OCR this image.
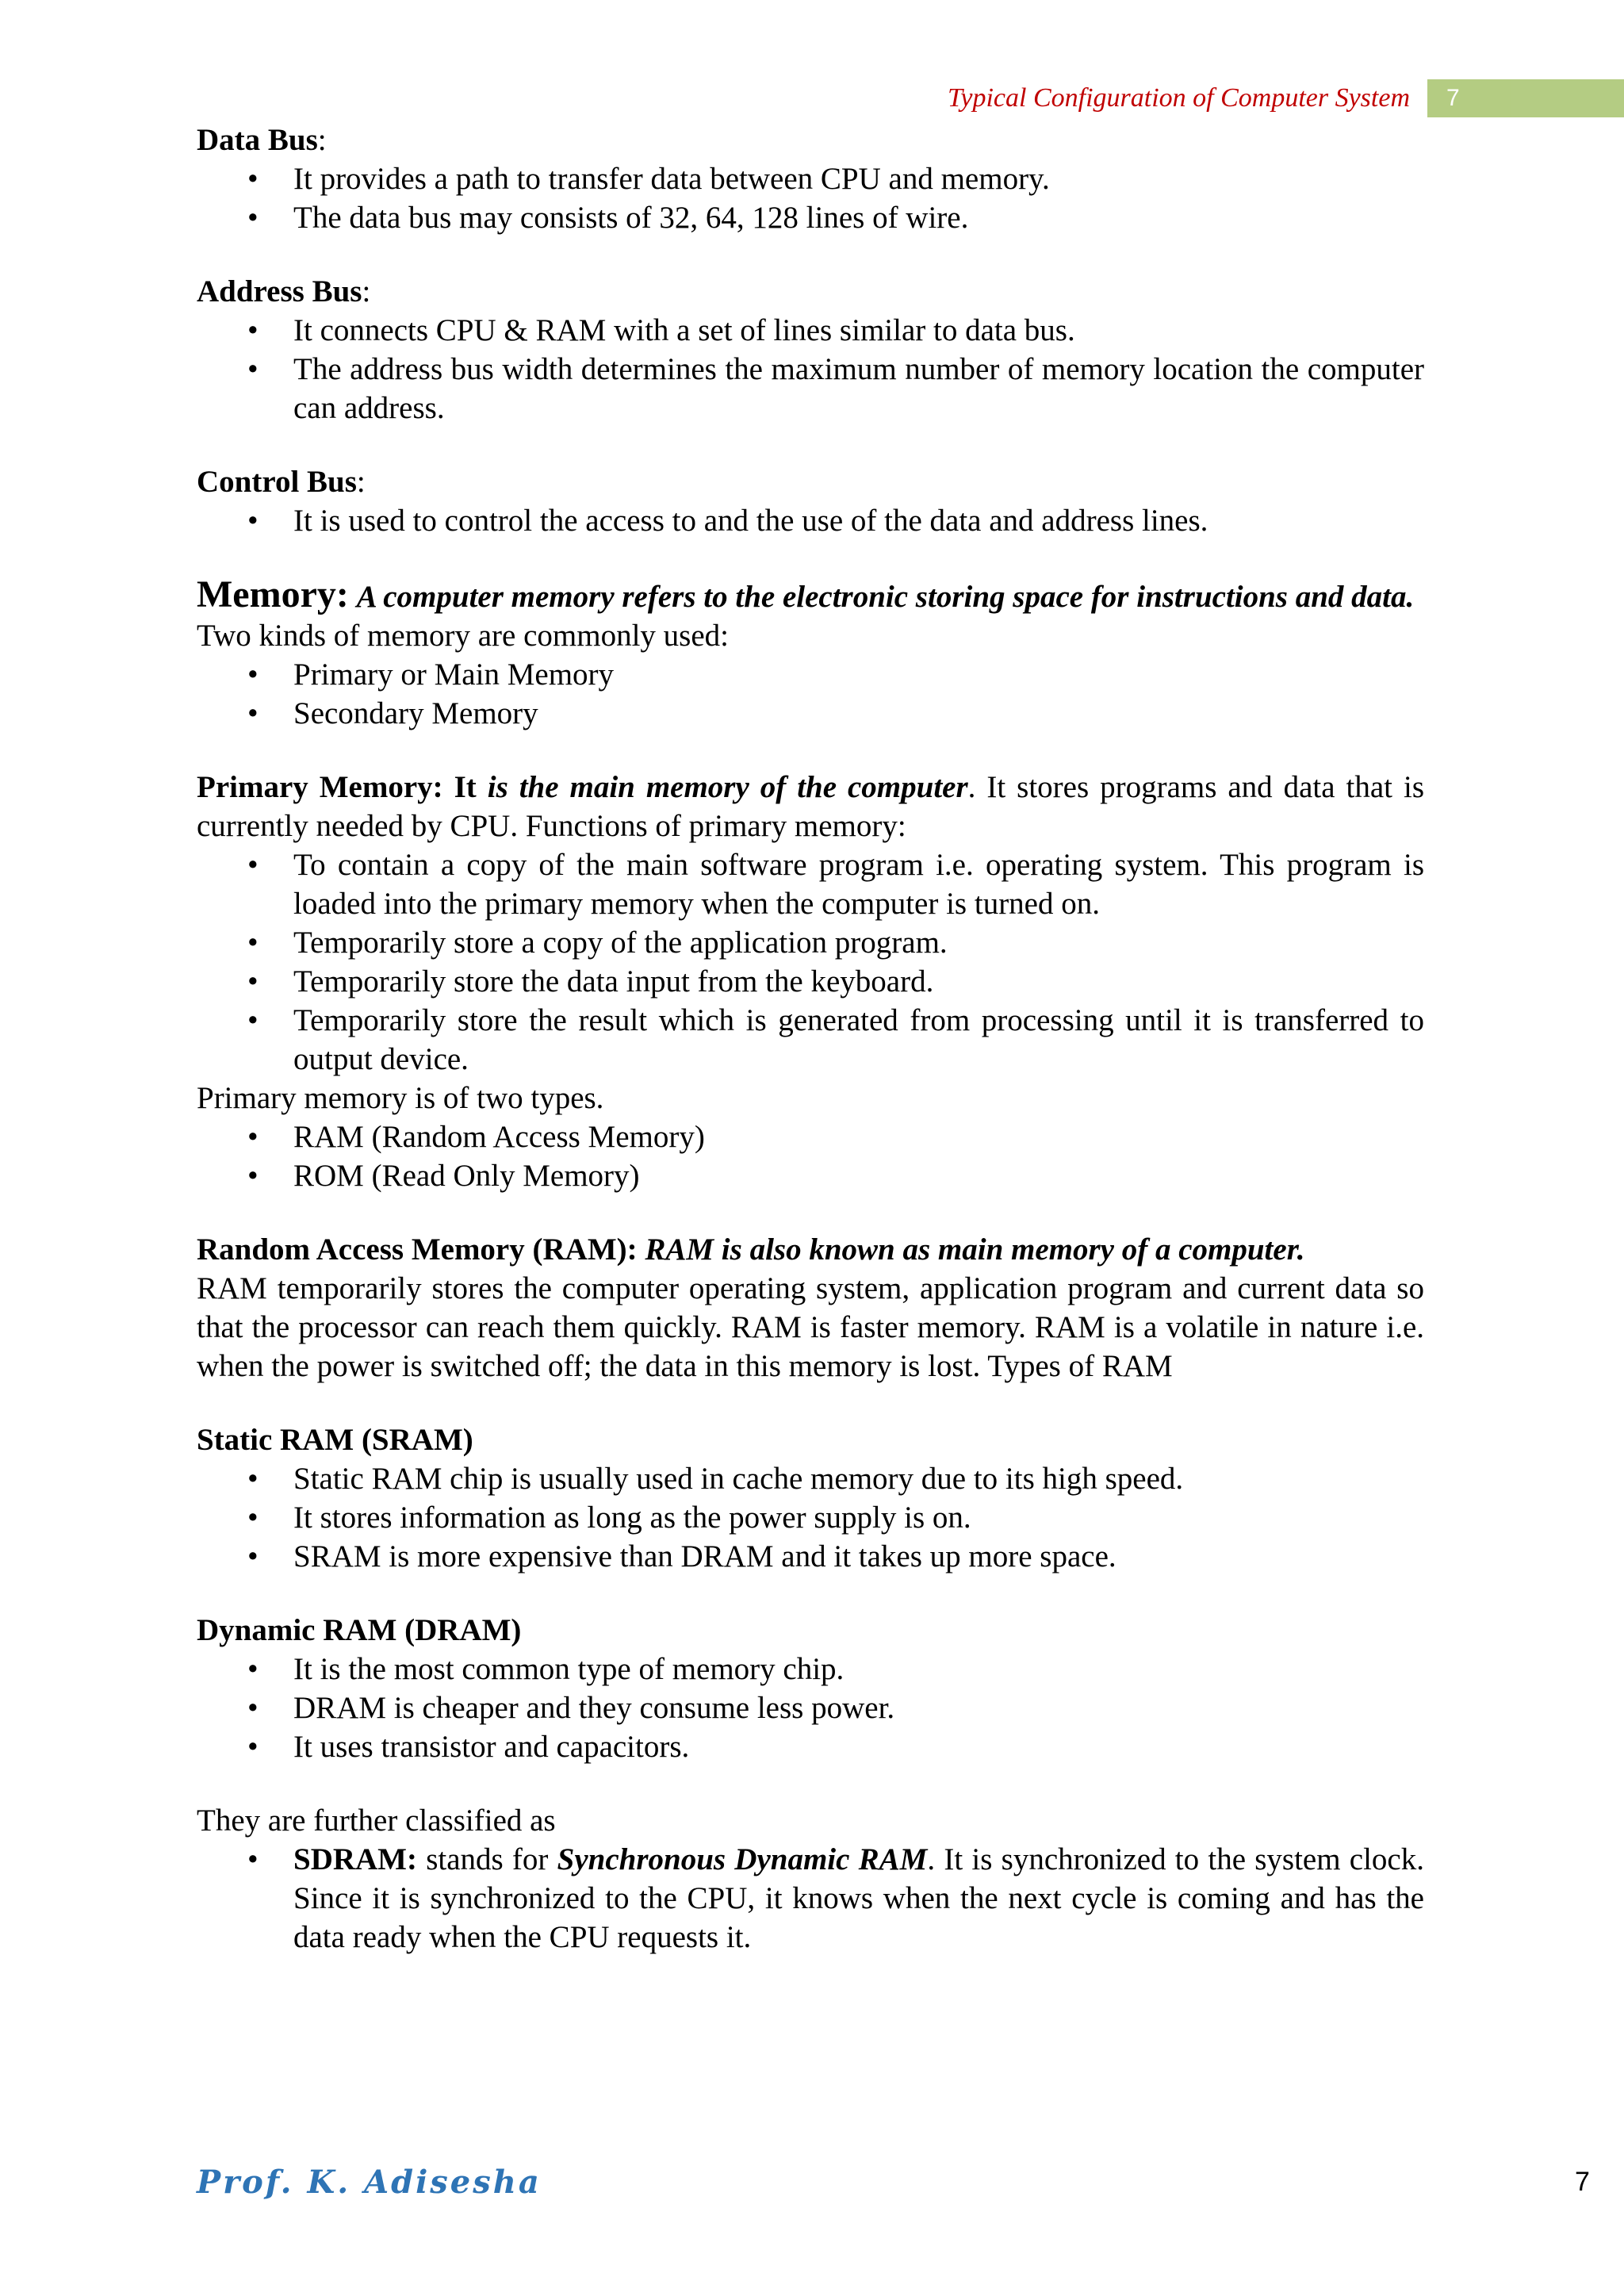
Typical Configuration of Computer System 7

Data Bus:

• It provides a path to transfer data between CPU and memory.
• The data bus may consists of 32, 64, 128 lines of wire.

Address Bus:

• It connects CPU & RAM with a set of lines similar to data bus.
• The address bus width determines the maximum number of memory location the computer can address.

Control Bus:

• It is used to control the access to and the use of the data and address lines.

Memory: A computer memory refers to the electronic storing space for instructions and data.

Two kinds of memory are commonly used:

• Primary or Main Memory
• Secondary Memory

Primary Memory: It is the main memory of the computer. It stores programs and data that is currently needed by CPU. Functions of primary memory:

• To contain a copy of the main software program i.e. operating system. This program is loaded into the primary memory when the computer is turned on.
• Temporarily store a copy of the application program.
• Temporarily store the data input from the keyboard.
• Temporarily store the result which is generated from processing until it is transferred to output device.

Primary memory is of two types.

• RAM (Random Access Memory)
• ROM (Read Only Memory)

Random Access Memory (RAM): RAM is also known as main memory of a computer.

RAM temporarily stores the computer operating system, application program and current data so that the processor can reach them quickly. RAM is faster memory. RAM is a volatile in nature i.e. when the power is switched off; the data in this memory is lost. Types of RAM

Static RAM (SRAM)

• Static RAM chip is usually used in cache memory due to its high speed.
• It stores information as long as the power supply is on.
• SRAM is more expensive than DRAM and it takes up more space.

Dynamic RAM (DRAM)

• It is the most common type of memory chip.
• DRAM is cheaper and they consume less power.
• It uses transistor and capacitors.

They are further classified as

• SDRAM: stands for Synchronous Dynamic RAM. It is synchronized to the system clock. Since it is synchronized to the CPU, it knows when the next cycle is coming and has the data ready when the CPU requests it.
Prof. K. Adisesha	7
